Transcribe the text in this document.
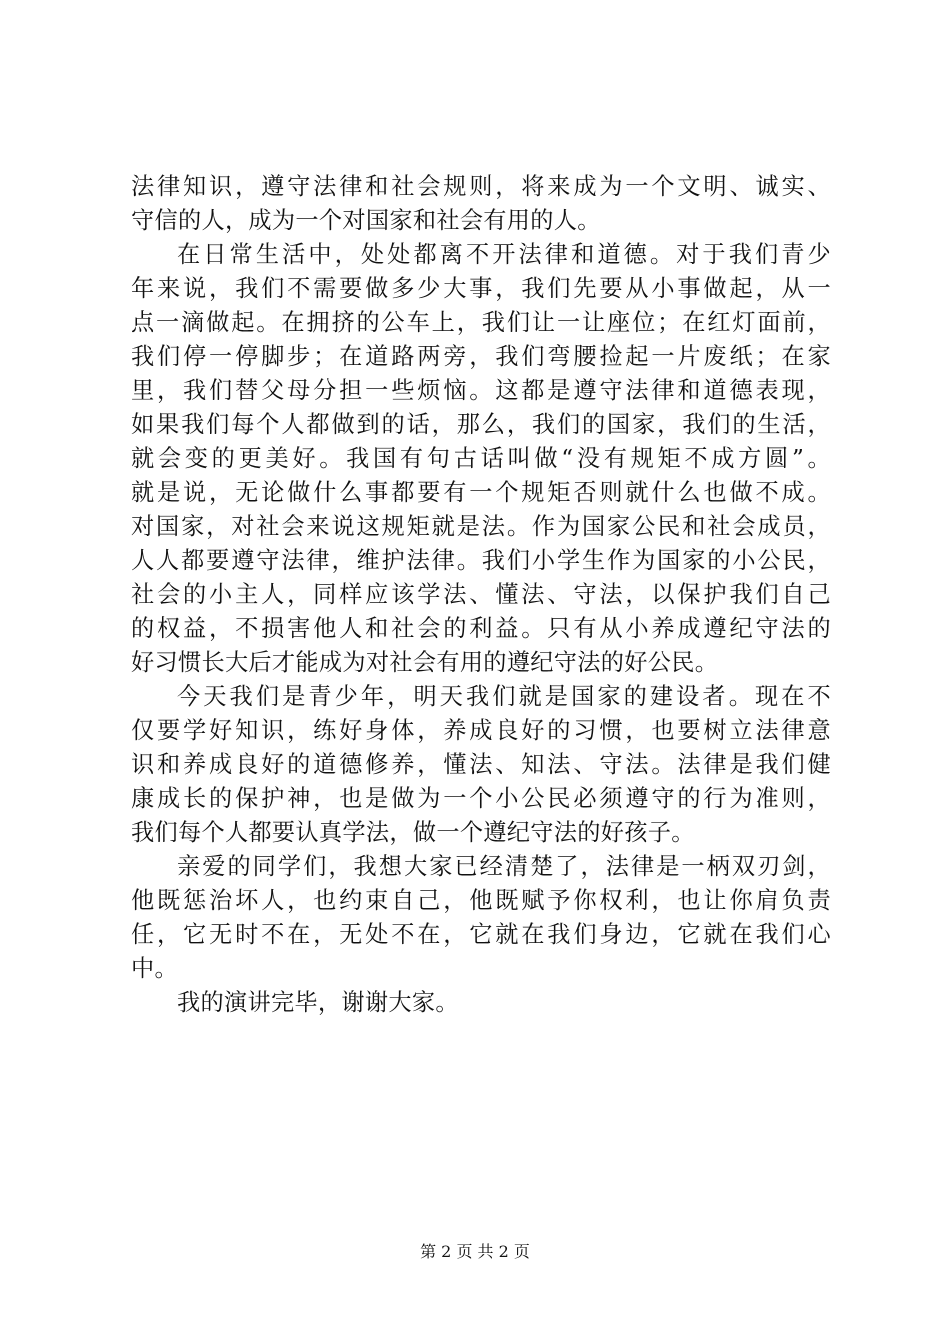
法律知识，遵守法律和社会规则，将来成为一个文明、诚实、
守信的人，成为一个对国家和社会有用的人。
在日常生活中，处处都离不开法律和道德。对于我们青少
年来说，我们不需要做多少大事，我们先要从小事做起，从一
点一滴做起。在拥挤的公车上，我们让一让座位；在红灯面前，
我们停一停脚步；在道路两旁，我们弯腰捡起一片废纸；在家
里，我们替父母分担一些烦恼。这都是遵守法律和道德表现，
如果我们每个人都做到的话，那么，我们的国家，我们的生活，
就会变的更美好。我国有句古话叫做“没有规矩不成方圆”。
就是说，无论做什么事都要有一个规矩否则就什么也做不成。
对国家，对社会来说这规矩就是法。作为国家公民和社会成员，
人人都要遵守法律，维护法律。我们小学生作为国家的小公民，
社会的小主人，同样应该学法、懂法、守法，以保护我们自己
的权益，不损害他人和社会的利益。只有从小养成遵纪守法的
好习惯长大后才能成为对社会有用的遵纪守法的好公民。
今天我们是青少年，明天我们就是国家的建设者。现在不
仅要学好知识，练好身体，养成良好的习惯，也要树立法律意
识和养成良好的道德修养，懂法、知法、守法。法律是我们健
康成长的保护神，也是做为一个小公民必须遵守的行为准则，
我们每个人都要认真学法，做一个遵纪守法的好孩子。
亲爱的同学们，我想大家已经清楚了，法律是一柄双刃剑，
他既惩治坏人，也约束自己，他既赋予你权利，也让你肩负责
任，它无时不在，无处不在，它就在我们身边，它就在我们心
中。
我的演讲完毕，谢谢大家。
第 2 页 共 2 页
